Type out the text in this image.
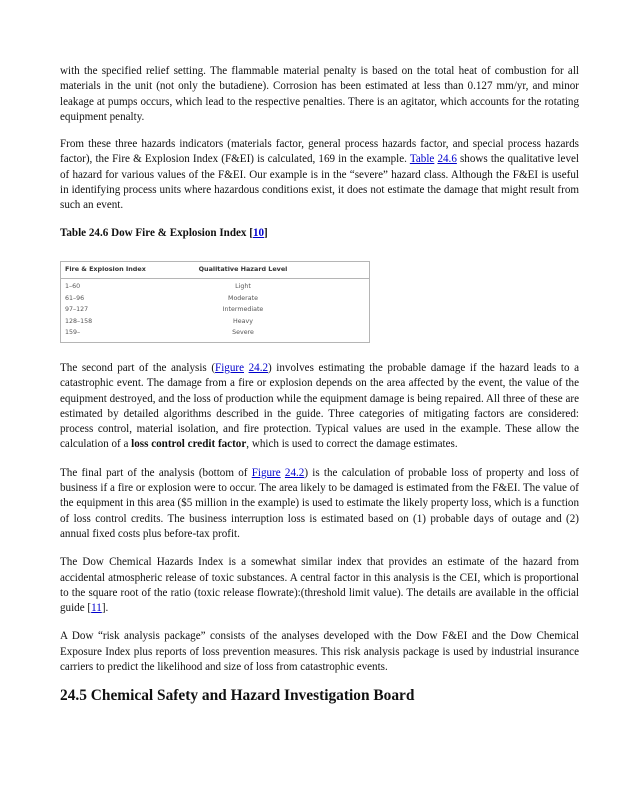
with the specified relief setting. The flammable material penalty is based on the total heat of combustion for all materials in the unit (not only the butadiene). Corrosion has been estimated at less than 0.127 mm/yr, and minor leakage at pumps occurs, which lead to the respective penalties. There is an agitator, which accounts for the rotating equipment penalty.

From these three hazards indicators (materials factor, general process hazards factor, and special process hazards factor), the Fire & Explosion Index (F&EI) is calculated, 169 in the example. Table 24.6 shows the qualitative level of hazard for various values of the F&EI. Our example is in the “severe” hazard class. Although the F&EI is useful in identifying process units where hazardous conditions exist, it does not estimate the damage that might result from such an event.

Table 24.6 Dow Fire & Explosion Index [10]

Fire & Explosion Index	Qualitative Hazard Level
1–60	Light
61–96	Moderate
97–127	Intermediate
128–158	Heavy
159–	Severe

The second part of the analysis (Figure 24.2) involves estimating the probable damage if the hazard leads to a catastrophic event. The damage from a fire or explosion depends on the area affected by the event, the value of the equipment destroyed, and the loss of production while the equipment damage is being repaired. All three of these are estimated by detailed algorithms described in the guide. Three categories of mitigating factors are considered: process control, material isolation, and fire protection. Typical values are used in the example. These allow the calculation of a loss control credit factor, which is used to correct the damage estimates.

The final part of the analysis (bottom of Figure 24.2) is the calculation of probable loss of property and loss of business if a fire or explosion were to occur. The area likely to be damaged is estimated from the F&EI. The value of the equipment in this area ($5 million in the example) is used to estimate the likely property loss, which is a function of loss control credits. The business interruption loss is estimated based on (1) probable days of outage and (2) annual fixed costs plus before-tax profit.

The Dow Chemical Hazards Index is a somewhat similar index that provides an estimate of the hazard from accidental atmospheric release of toxic substances. A central factor in this analysis is the CEI, which is proportional to the square root of the ratio (toxic release flowrate):(threshold limit value). The details are available in the official guide [11].

A Dow “risk analysis package” consists of the analyses developed with the Dow F&EI and the Dow Chemical Exposure Index plus reports of loss prevention measures. This risk analysis package is used by industrial insurance carriers to predict the likelihood and size of loss from catastrophic events.

24.5 Chemical Safety and Hazard Investigation Board
